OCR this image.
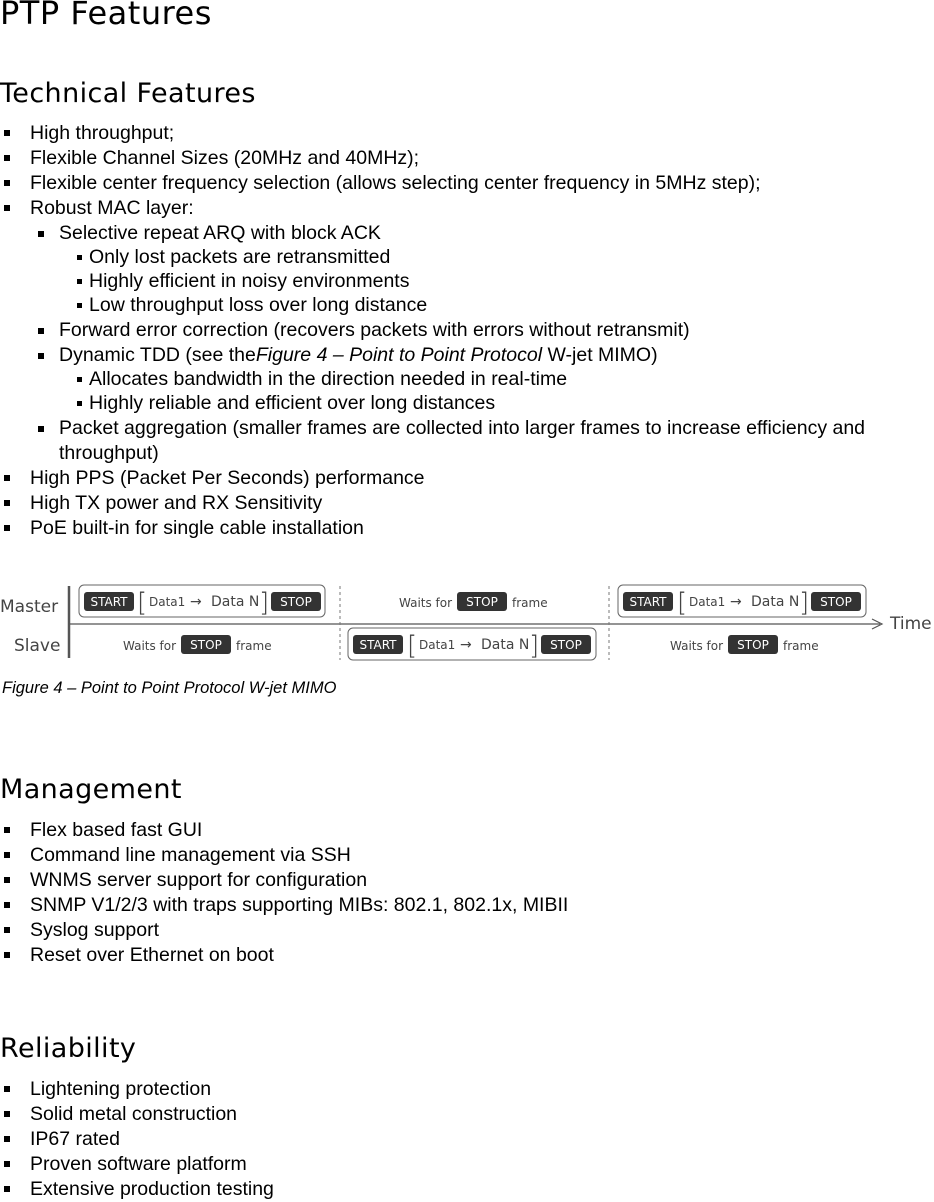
PTP Features
Technical Features
High throughput;
Flexible Channel Sizes (20MHz and 40MHz);
Flexible center frequency selection (allows selecting center frequency in 5MHz step);
Robust MAC layer:
Selective repeat ARQ with block ACK
Only lost packets are retransmitted
Highly efficient in noisy environments
Low throughput loss over long distance
Forward error correction (recovers packets with errors without retransmit)
Dynamic TDD (see theFigure 4 – Point to Point Protocol W-jet MIMO)
Allocates bandwidth in the direction needed in real-time
Highly reliable and efficient over long distances
Packet aggregation (smaller frames are collected into larger frames to increase efficiency and throughput)
High PPS (Packet Per Seconds) performance
High TX power and RX Sensitivity
PoE built-in for single cable installation
Master
Slave
Time
START [ Data1 → Data N ] STOP	Waits for STOP frame	START [ Data1 → Data N ] STOP
Waits for STOP frame	START [ Data1 → Data N ] STOP	Waits for STOP frame
Figure 4 – Point to Point Protocol W-jet MIMO
Management
Flex based fast GUI
Command line management via SSH
WNMS server support for configuration
SNMP V1/2/3 with traps supporting MIBs: 802.1, 802.1x, MIBII
Syslog support
Reset over Ethernet on boot
Reliability
Lightening protection
Solid metal construction
IP67 rated
Proven software platform
Extensive production testing
